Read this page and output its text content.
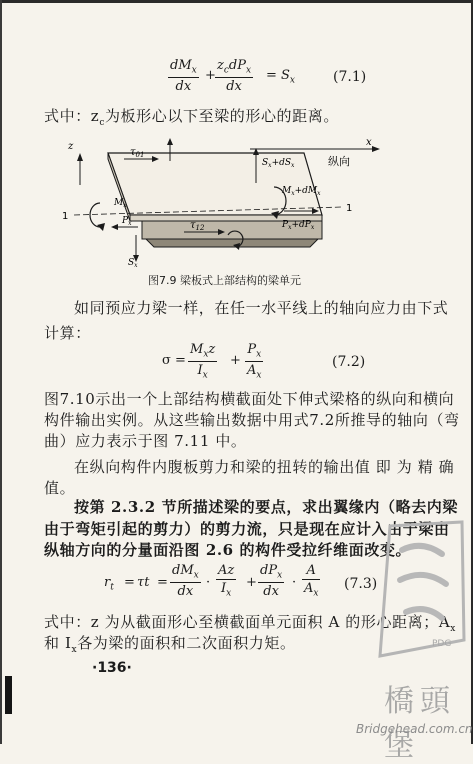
$dM_x$
dx
+
$z_cdP_x$
dx
= $S_x$	(7.1)
式中：$z_c$为板形心以下至梁的形心的距离。
x
纵向
z
$\tau_{01}$
$S_x+dS_x$
$M_x+dM_x$
$P_x+dP_x$
1
1
$M_x$
$P_x$	$\tau_{12}$
$S_x$
图7.9 梁板式上部结构的梁单元
如同预应力梁一样，在任一水平线上的轴向应力由下式
计算：
σ =
$M_xz$
$I_x$
+
$P_x$
$A_x$
(7.2)
图7.10示出一个上部结构横截面处下伸式梁格的纵向和横向
构件输出实例。从这些输出数据中用式7.2所推导的轴向（弯
曲）应力表示于图 7.11 中。
在纵向构件内腹板剪力和梁的扭转的输出值 即 为 精 确
值。
按第 2.3.2 节所描述梁的要点，求出翼缘内（略去内梁
由于弯矩引起的剪力）的剪力流，只是现在应计入由于梁由
纵轴方向的分量面沿图 2.6 的构件受拉纤维面改变。
$r_t = \tau t$ =
$dM_x$
dx
·
Az
$I_x$
+
$dP_x$
dx
·
A
$A_x$
(7.3)
式中：z 为从截面形心至横截面单元面积 A 的形心距离；$A_x$
和 $I_x$各为梁的面积和二次面积力矩。
·136·
PDG
橋頭堡
Bridgehead.com.cn
